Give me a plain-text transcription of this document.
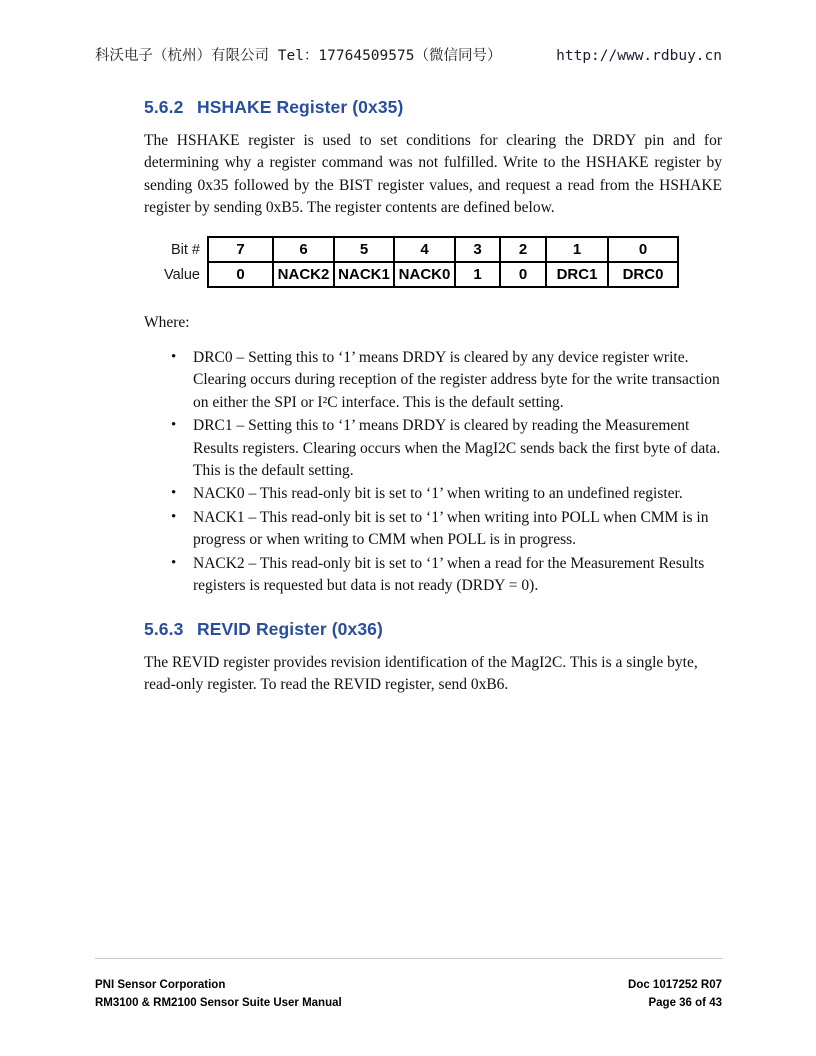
科沃电子（杭州）有限公司 Tel：17764509575（微信同号）	http://www.rdbuy.cn
5.6.2 HSHAKE Register (0x35)
The HSHAKE register is used to set conditions for clearing the DRDY pin and for determining why a register command was not fulfilled. Write to the HSHAKE register by sending 0x35 followed by the BIST register values, and request a read from the HSHAKE register by sending 0xB5. The register contents are defined below.
Bit #	7	6	5	4	3	2	1	0
Value	0	NACK2	NACK1	NACK0	1	0	DRC1	DRC0
Where:
• DRC0 – Setting this to ‘1’ means DRDY is cleared by any device register write. Clearing occurs during reception of the register address byte for the write transaction on either the SPI or I²C interface. This is the default setting.
• DRC1 – Setting this to ‘1’ means DRDY is cleared by reading the Measurement Results registers. Clearing occurs when the MagI2C sends back the first byte of data. This is the default setting.
• NACK0 – This read-only bit is set to ‘1’ when writing to an undefined register.
• NACK1 – This read-only bit is set to ‘1’ when writing into POLL when CMM is in progress or when writing to CMM when POLL is in progress.
• NACK2 – This read-only bit is set to ‘1’ when a read for the Measurement Results registers is requested but data is not ready (DRDY = 0).
5.6.3 REVID Register (0x36)
The REVID register provides revision identification of the MagI2C. This is a single byte, read-only register. To read the REVID register, send 0xB6.
PNI Sensor Corporation
RM3100 & RM2100 Sensor Suite User Manual
Doc 1017252 R07
Page 36 of 43
